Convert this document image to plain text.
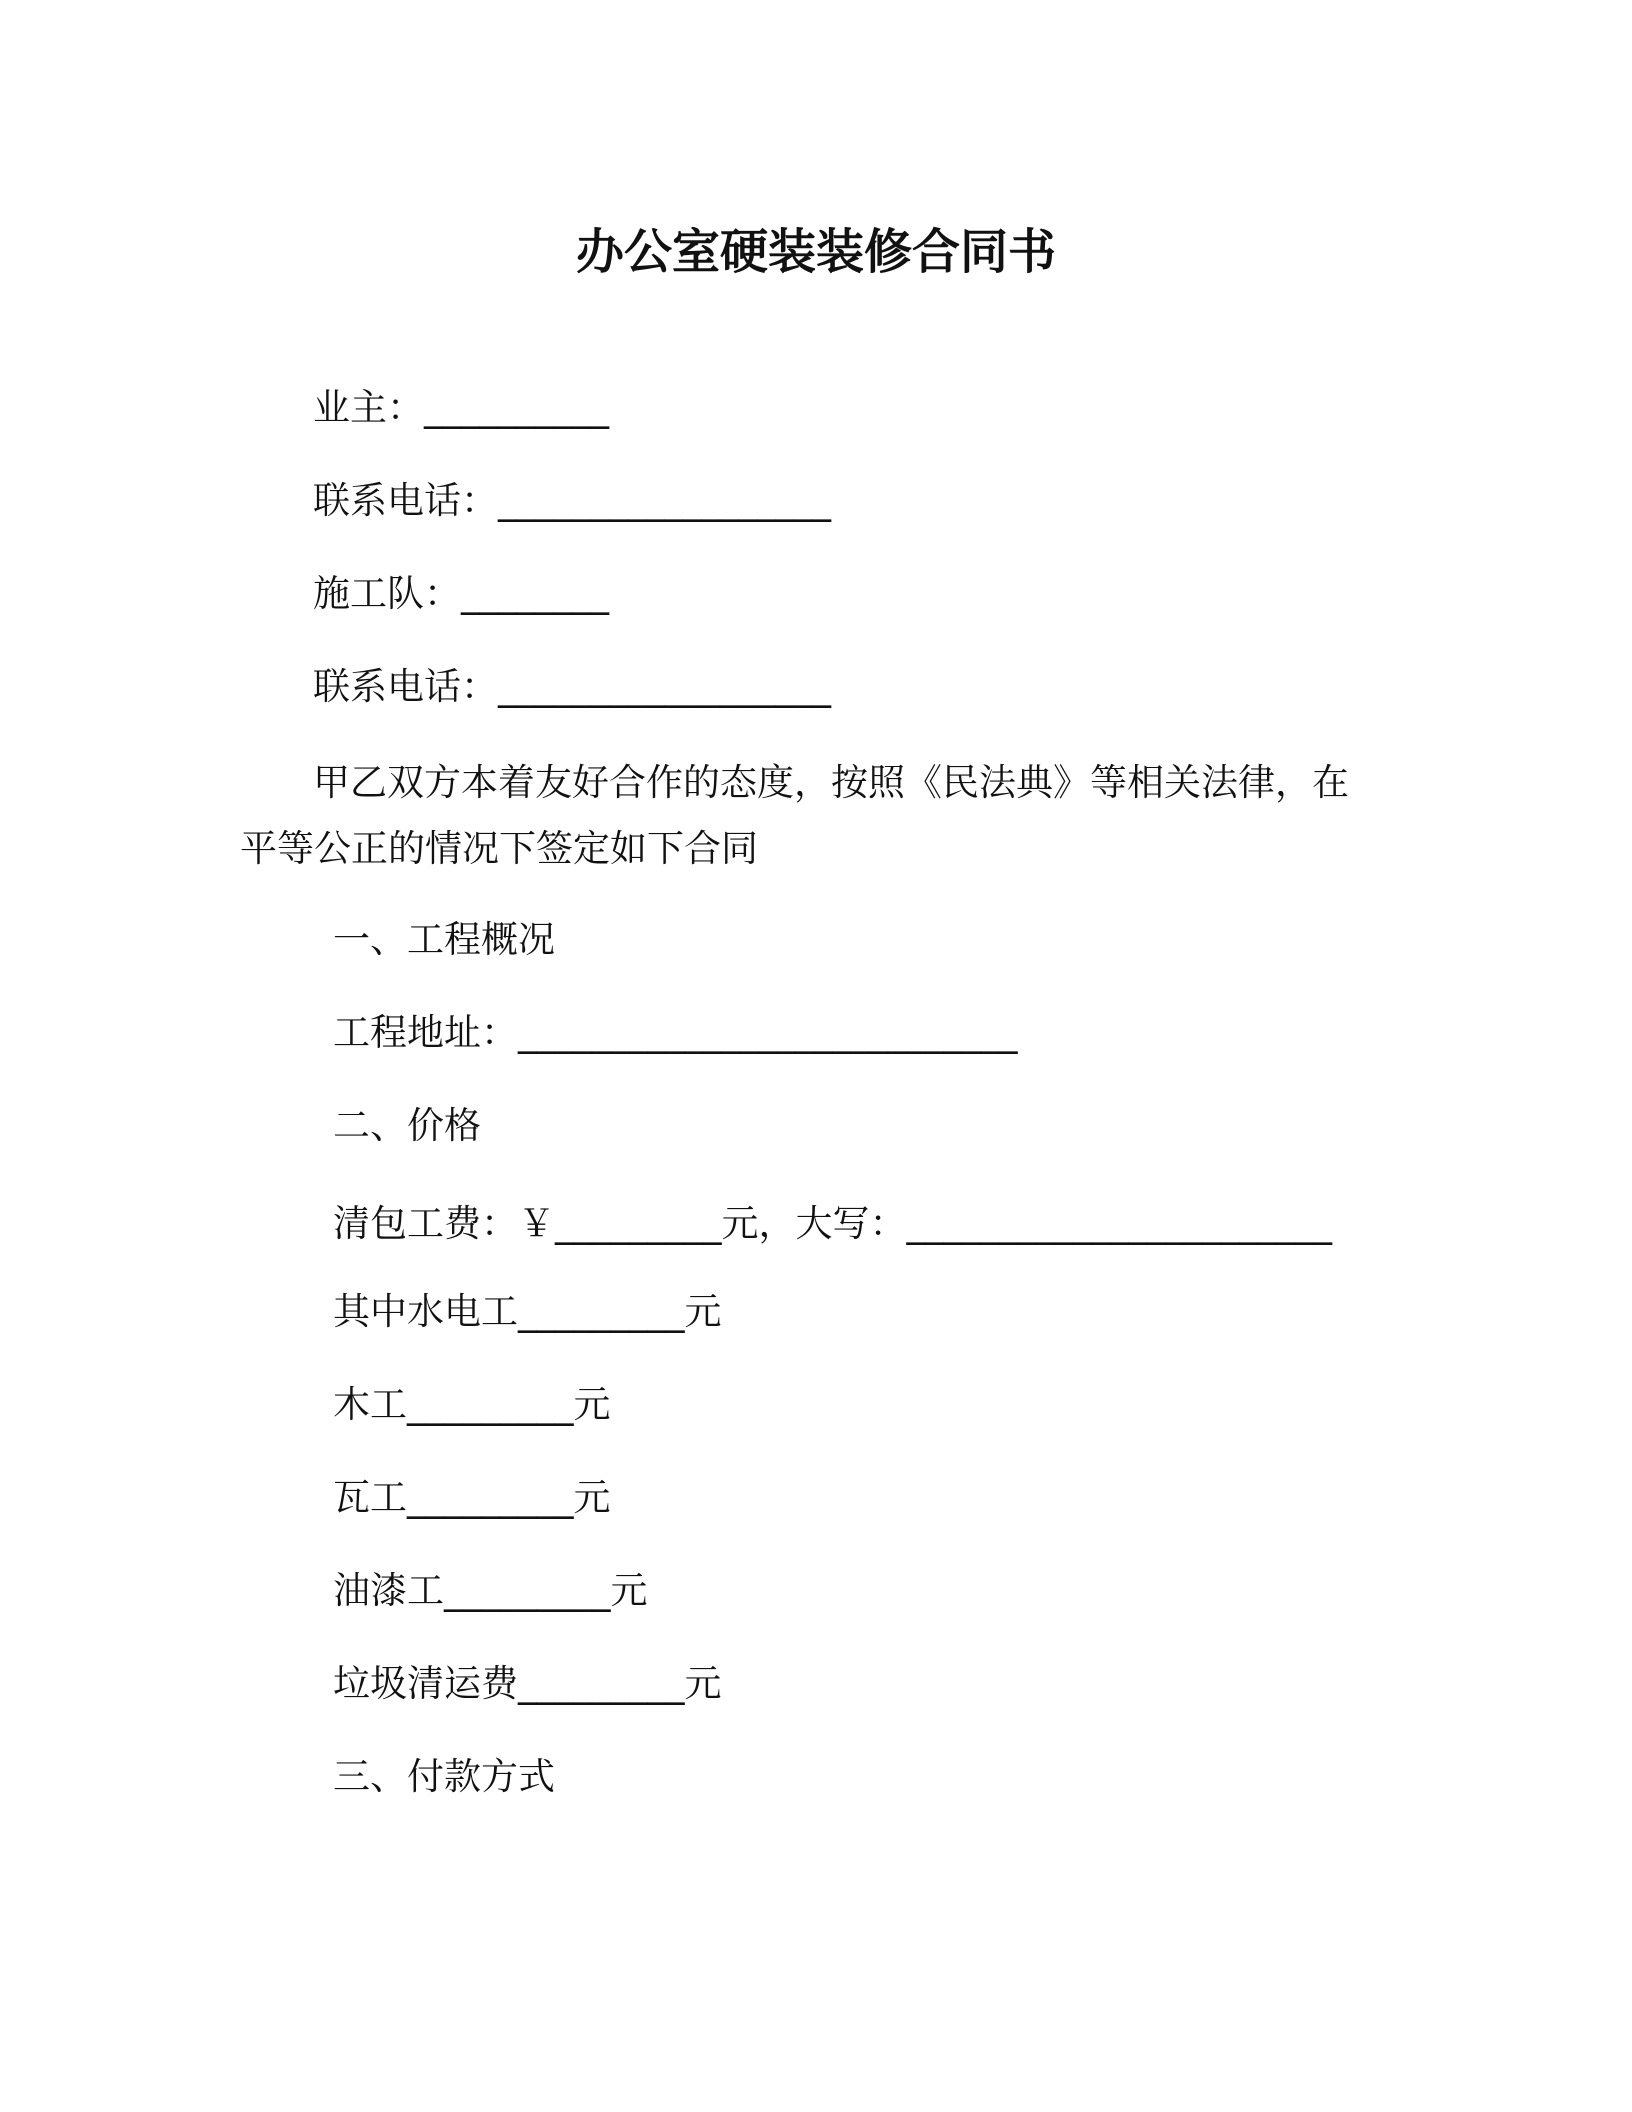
办公室硬装装修合同书
业主：__________
联系电话：__________________
施工队：________
联系电话：__________________
甲乙双方本着友好合作的态度，按照《民法典》等相关法律，在
平等公正的情况下签定如下合同
一、工程概况
工程地址：___________________________
二、价格
清包工费：￥_________元，大写：_______________________
其中水电工_________元
木工_________元
瓦工_________元
油漆工_________元
垃圾清运费_________元
三、付款方式
